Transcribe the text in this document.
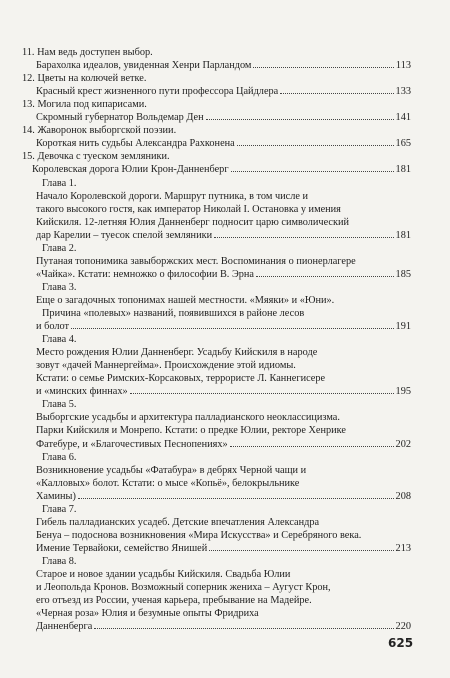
11. Нам ведь доступен выбор.
Барахолка идеалов, увиденная Хенри Парландом	113
12. Цветы на колючей ветке.
Красный крест жизненного пути профессора Цайдлера	133
13. Могила под кипарисами.
Скромный губернатор Вольдемар Ден	141
14. Жаворонок выборгской поэзии.
Короткая нить судьбы Александра Рахконена	165
15. Девочка с туеском земляники.
Королевская дорога Юлии Крон-Данненберг	181
Глава 1.
Начало Королевской дороги. Маршрут путника, в том числе и
такого высокого гостя, как император Николай I. Остановка у имения
Кийскиля. 12-летняя Юлия Данненберг подносит царю символический
дар Карелии – туесок спелой земляники	181
Глава 2.
Путаная топонимика завыборжских мест. Воспоминания о пионерлагере
«Чайка». Кстати: немножко о философии В. Эрна	185
Глава 3.
Еще о загадочных топонимах нашей местности. «Мяяки» и «Юни».
Причина «полевых» названий, появившихся в районе лесов
и болот	191
Глава 4.
Место рождения Юлии Данненберг. Усадьбу Кийскиля в народе
зовут «дачей Маннергейма». Происхождение этой идиомы.
Кстати: о семье Римских-Корсаковых, террористе Л. Каннегисере
и «минских финнах»	195
Глава 5.
Выборгские усадьбы и архитектура палладианского неоклассицизма.
Парки Кийскиля и Монрепо. Кстати: о предке Юлии, ректоре Хенрике
Фатебуре, и «Благочестивых Песнопениях»	202
Глава 6.
Возникновение усадьбы «Фатабура» в дебрях Черной чащи и
«Калловых» болот. Кстати: о мысе «Копьё», белокрыльнике
Хамины)	208
Глава 7.
Гибель палладианских усадеб. Детские впечатления Александра
Бенуа – подоснова возникновения «Мира Искусства» и Серебряного века.
Имение Тервайоки, семейство Янишей	213
Глава 8.
Старое и новое здании усадьбы Кийскиля. Свадьба Юлии
и Леопольда Кронов. Возможный соперник жениха – Аугуст Крон,
его отъезд из России, ученая карьера, пребывание на Мадейре.
«Черная роза» Юлия и безумные опыты Фридриха
Данненберга	220
625
